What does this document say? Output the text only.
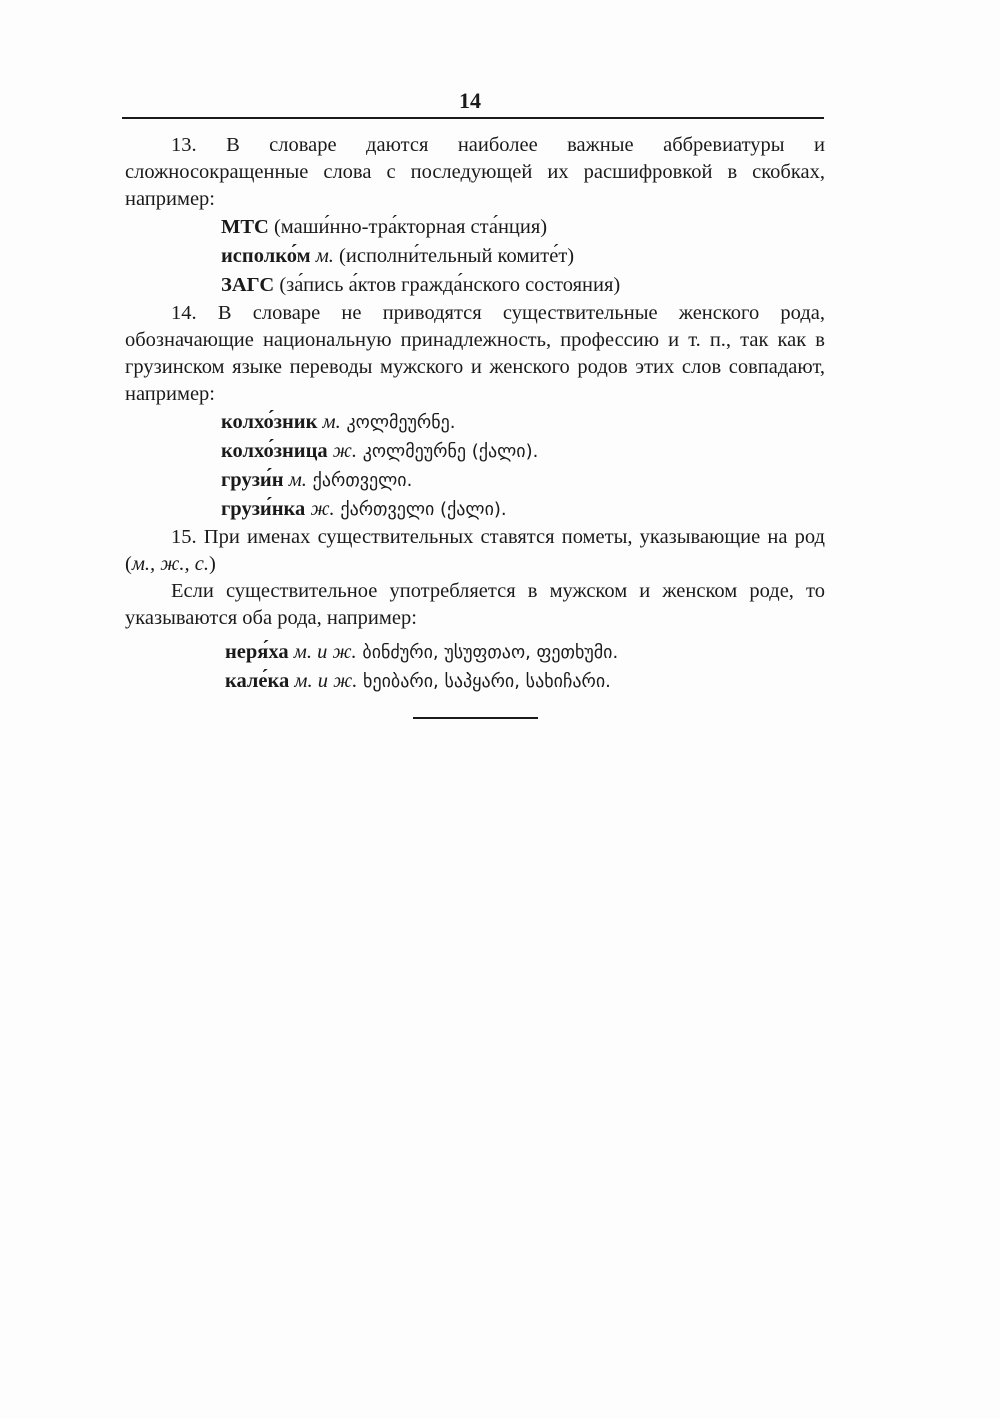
14

13. В словаре даются наиболее важные аббревиатуры и сложносокращенные слова с последующей их расшифровкой в скобках, например:

МТС (маши́нно-тра́кторная ста́нция)

исполко́м м. (исполни́тельный комите́т)

ЗАГС (за́пись а́ктов гражда́нского состояния)

14. В словаре не приводятся существительные женского рода, обозначающие национальную принадлежность, профессию и т. п., так как в грузинском языке переводы мужского и женского родов этих слов совпадают, например:

колхо́зник м. კოლმეურნე.

колхо́зница ж. კოლმეურნე (ქალი).

грузи́н м. ქართველი.

грузи́нка ж. ქართველი (ქალი).

15. При именах существительных ставятся пометы, указывающие на род (м., ж., с.)

Если существительное употребляется в мужском и женском роде, то указываются оба рода, например:

неря́ха м. и ж. ბინძური, უსუფთაო, ფეთხუმი.

кале́ка м. и ж. ხეიბარი, საპყარი, სახიჩარი.
